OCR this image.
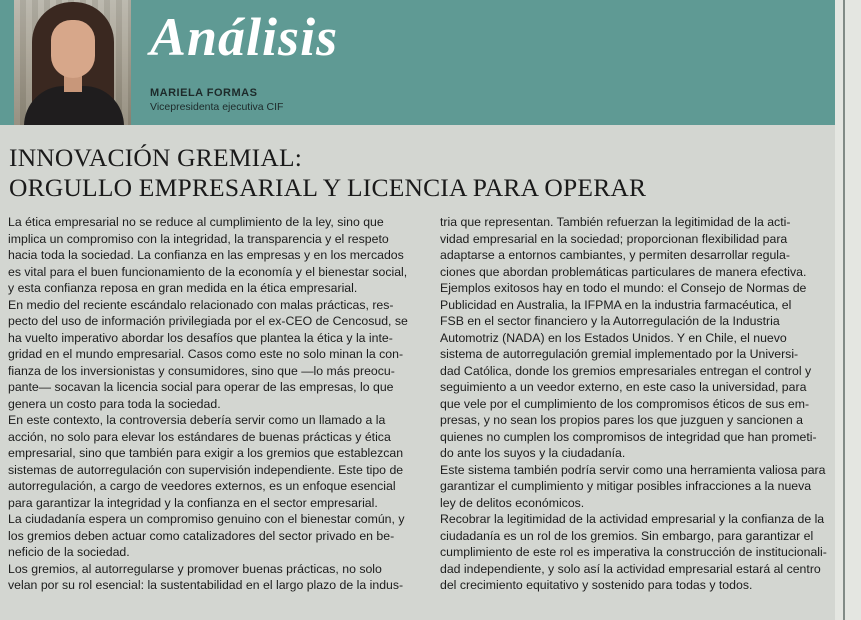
Análisis
MARIELA FORMAS
Vicepresidenta ejecutiva CIF
INNOVACIÓN GREMIAL:
ORGULLO EMPRESARIAL Y LICENCIA PARA OPERAR

La ética empresarial no se reduce al cumplimiento de la ley, sino que

implica un compromiso con la integridad, la transparencia y el respeto

hacia toda la sociedad. La confianza en las empresas y en los mercados

es vital para el buen funcionamiento de la economía y el bienestar social,

y esta confianza reposa en gran medida en la ética empresarial.

En medio del reciente escándalo relacionado con malas prácticas, res-

pecto del uso de información privilegiada por el ex-CEO de Cencosud, se

ha vuelto imperativo abordar los desafíos que plantea la ética y la inte-

gridad en el mundo empresarial. Casos como este no solo minan la con-

fianza de los inversionistas y consumidores, sino que —lo más preocu-

pante— socavan la licencia social para operar de las empresas, lo que

genera un costo para toda la sociedad.

En este contexto, la controversia debería servir como un llamado a la

acción, no solo para elevar los estándares de buenas prácticas y ética

empresarial, sino que también para exigir a los gremios que establezcan

sistemas de autorregulación con supervisión independiente. Este tipo de

autorregulación, a cargo de veedores externos, es un enfoque esencial

para garantizar la integridad y la confianza en el sector empresarial.

La ciudadanía espera un compromiso genuino con el bienestar común, y

los gremios deben actuar como catalizadores del sector privado en be-

neficio de la sociedad.

Los gremios, al autorregularse y promover buenas prácticas, no solo

velan por su rol esencial: la sustentabilidad en el largo plazo de la indus-

tria que representan. También refuerzan la legitimidad de la acti-

vidad empresarial en la sociedad; proporcionan flexibilidad para

adaptarse a entornos cambiantes, y permiten desarrollar regula-

ciones que abordan problemáticas particulares de manera efectiva.

Ejemplos exitosos hay en todo el mundo: el Consejo de Normas de

Publicidad en Australia, la IFPMA en la industria farmacéutica, el

FSB en el sector financiero y la Autorregulación de la Industria

Automotriz (NADA) en los Estados Unidos. Y en Chile, el nuevo

sistema de autorregulación gremial implementado por la Universi-

dad Católica, donde los gremios empresariales entregan el control y

seguimiento a un veedor externo, en este caso la universidad, para

que vele por el cumplimiento de los compromisos éticos de sus em-

presas, y no sean los propios pares los que juzguen y sancionen a

quienes no cumplen los compromisos de integridad que han prometi-

do ante los suyos y la ciudadanía.

Este sistema también podría servir como una herramienta valiosa para

garantizar el cumplimiento y mitigar posibles infracciones a la nueva

ley de delitos económicos.

Recobrar la legitimidad de la actividad empresarial y la confianza de la

ciudadanía es un rol de los gremios. Sin embargo, para garantizar el

cumplimiento de este rol es imperativa la construcción de institucionali-

dad independiente, y solo así la actividad empresarial estará al centro

del crecimiento equitativo y sostenido para todas y todos.
